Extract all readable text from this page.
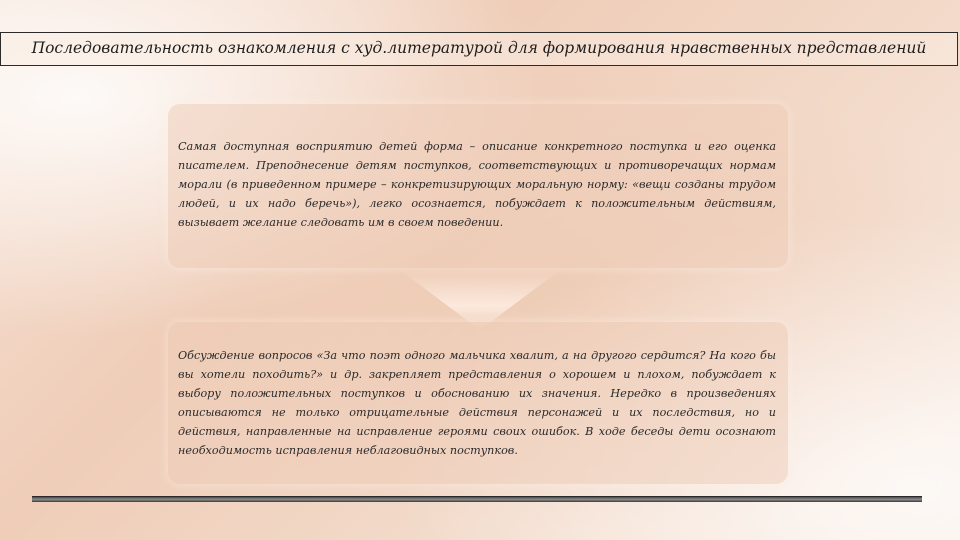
Последовательность ознакомления с худ.литературой для формирования нравственных представлений
Самая доступная восприятию детей форма – описание конкретного поступка и его оценка писателем. Преподнесение детям поступков, соответствующих и противоречащих нормам морали (в приведенном примере – конкретизирующих моральную норму: «вещи созданы трудом людей, и их надо беречь»), легко осознается, побуждает к положительным действиям, вызывает желание следовать им в своем поведении.
Обсуждение вопросов «За что поэт одного мальчика хвалит, а на другого сердится? На кого бы вы хотели походить?» и др. закрепляет представления о хорошем и плохом, побуждает к выбору положительных поступков и обоснованию их значения. Нередко в произведениях описываются не только отрицательные действия персонажей и их последствия, но и действия, направленные на исправление героями своих ошибок. В ходе беседы дети осознают необходимость исправления неблаговидных поступков.
